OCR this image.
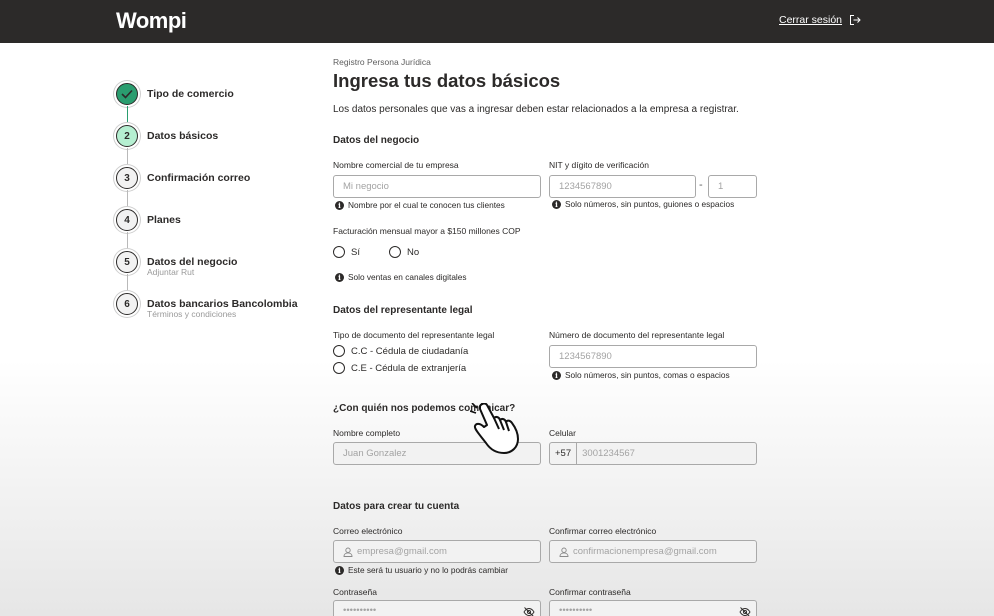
Wompi	Cerrar sesión
Tipo de comercio
2	Datos básicos
3	Confirmación correo
4	Planes
5	Datos del negocio
Adjuntar Rut
6	Datos bancarios Bancolombia
Términos y condiciones
Registro Persona Jurídica
Ingresa tus datos básicos
Los datos personales que vas a ingresar deben estar relacionados a la empresa a registrar.
Datos del negocio
Nombre comercial de tu empresa
Mi negocio
i Nombre por el cual te conocen tus clientes
NIT y dígito de verificación
1234567890	- 1
i Solo números, sin puntos, guiones o espacios
Facturación mensual mayor a $150 millones COP
Sí	No
i Solo ventas en canales digitales
Datos del representante legal
Tipo de documento del representante legal
C.C - Cédula de ciudadanía
C.E - Cédula de extranjería
Número de documento del representante legal
1234567890
i Solo números, sin puntos, comas o espacios
¿Con quién nos podemos comunicar?
Nombre completo
Juan Gonzalez
Celular
+57	3001234567
Datos para crear tu cuenta
Correo electrónico
empresa@gmail.com
i Este será tu usuario y no lo podrás cambiar
Confirmar correo electrónico
confirmacionempresa@gmail.com
Contraseña
••••••••••
Confirmar contraseña
••••••••••
